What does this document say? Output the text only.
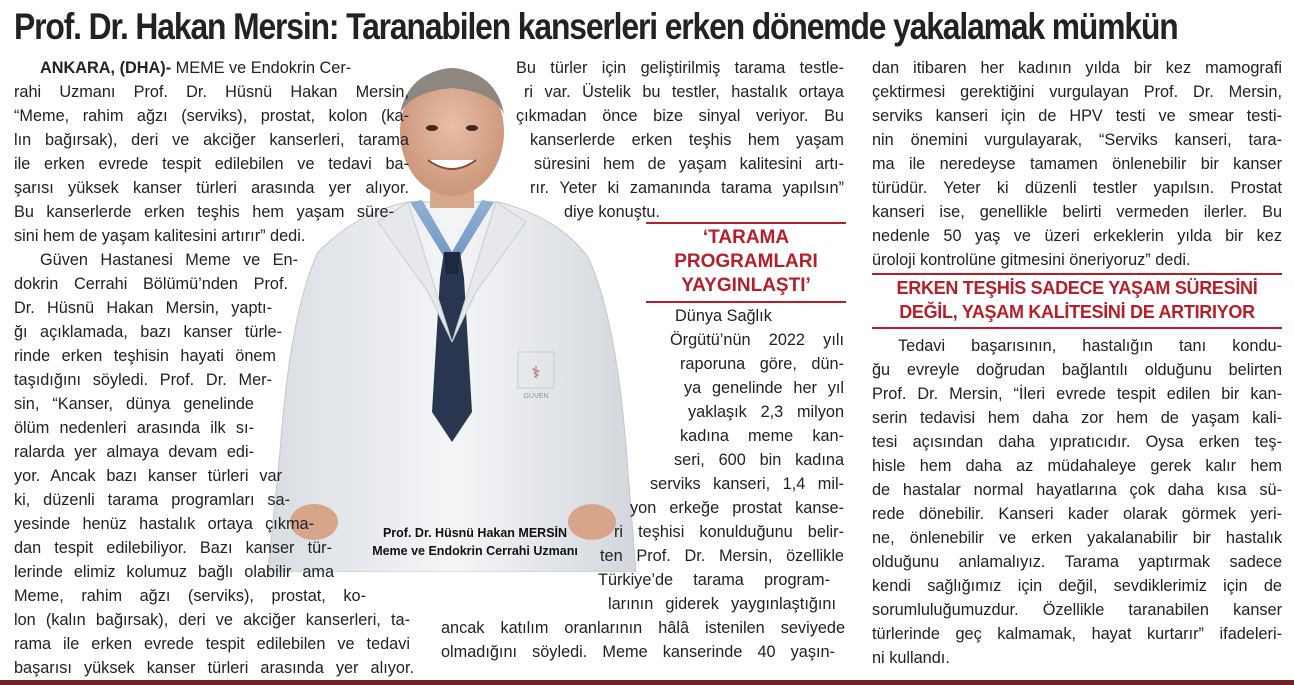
Prof. Dr. Hakan Mersin: Taranabilen kanserleri erken dönemde yakalamak mümkün
⚕
GÜVEN
Prof. Dr. Hüsnü Hakan MERSİN
Meme ve Endokrin Cerrahi Uzmanı
ANKARA, (DHA)- MEME ve Endokrin Cer-
rahi Uzmanı Prof. Dr. Hüsnü Hakan Mersin,
“Meme, rahim ağzı (serviks), prostat, kolon (ka-
lın bağırsak), deri ve akciğer kanserleri, tarama
ile erken evrede tespit edilebilen ve tedavi ba-
şarısı yüksek kanser türleri arasında yer alıyor.
Bu kanserlerde erken teşhis hem yaşam süre-
sini hem de yaşam kalitesini artırır” dedi.
Güven Hastanesi Meme ve En-
dokrin Cerrahi Bölümü’nden Prof.
Dr. Hüsnü Hakan Mersin, yaptı-
ğı açıklamada, bazı kanser türle-
rinde erken teşhisin hayati önem
taşıdığını söyledi. Prof. Dr. Mer-
sin, “Kanser, dünya genelinde
ölüm nedenleri arasında ilk sı-
ralarda yer almaya devam edi-
yor. Ancak bazı kanser türleri var
ki, düzenli tarama programları sa-
yesinde henüz hastalık ortaya çıkma-
dan tespit edilebiliyor. Bazı kanser tür-
lerinde elimiz kolumuz bağlı olabilir ama
Meme, rahim ağzı (serviks), prostat, ko-
lon (kalın bağırsak), deri ve akciğer kanserleri, ta-
rama ile erken evrede tespit edilebilen ve tedavi
başarısı yüksek kanser türleri arasında yer alıyor.
Bu türler için geliştirilmiş tarama testle-
ri var. Üstelik bu testler, hastalık ortaya
çıkmadan önce bize sinyal veriyor. Bu
kanserlerde erken teşhis hem yaşam
süresini hem de yaşam kalitesini artı-
rır. Yeter ki zamanında tarama yapılsın”
diye konuştu.
‘TARAMA
PROGRAMLARI
YAYGINLAŞTI’
Dünya Sağlık
Örgütü’nün 2022 yılı
raporuna göre, dün-
ya genelinde her yıl
yaklaşık 2,3 milyon
kadına meme kan-
seri, 600 bin kadına
serviks kanseri, 1,4 mil-
yon erkeğe prostat kanse-
ri teşhisi konulduğunu belir-
ten Prof. Dr. Mersin, özellikle
Türkiye’de tarama program-
larının giderek yaygınlaştığını
ancak katılım oranlarının hâlâ istenilen seviyede
olmadığını söyledi. Meme kanserinde 40 yaşın-
dan itibaren her kadının yılda bir kez mamografi
çektirmesi gerektiğini vurgulayan Prof. Dr. Mersin,
serviks kanseri için de HPV testi ve smear testi-
nin önemini vurgulayarak, “Serviks kanseri, tara-
ma ile neredeyse tamamen önlenebilir bir kanser
türüdür. Yeter ki düzenli testler yapılsın. Prostat
kanseri ise, genellikle belirti vermeden ilerler. Bu
nedenle 50 yaş ve üzeri erkeklerin yılda bir kez
üroloji kontrolüne gitmesini öneriyoruz” dedi.
ERKEN TEŞHİS SADECE YAŞAM SÜRESİNİ
DEĞİL, YAŞAM KALİTESİNİ DE ARTIRIYOR
Tedavi başarısının, hastalığın tanı kondu-
ğu evreyle doğrudan bağlantılı olduğunu belirten
Prof. Dr. Mersin, “İleri evrede tespit edilen bir kan-
serin tedavisi hem daha zor hem de yaşam kali-
tesi açısından daha yıpratıcıdır. Oysa erken teş-
hisle hem daha az müdahaleye gerek kalır hem
de hastalar normal hayatlarına çok daha kısa sü-
rede dönebilir. Kanseri kader olarak görmek yeri-
ne, önlenebilir ve erken yakalanabilir bir hastalık
olduğunu anlamalıyız. Tarama yaptırmak sadece
kendi sağlığımız için değil, sevdiklerimiz için de
sorumluluğumuzdur. Özellikle taranabilen kanser
türlerinde geç kalmamak, hayat kurtarır” ifadeleri-
ni kullandı.
